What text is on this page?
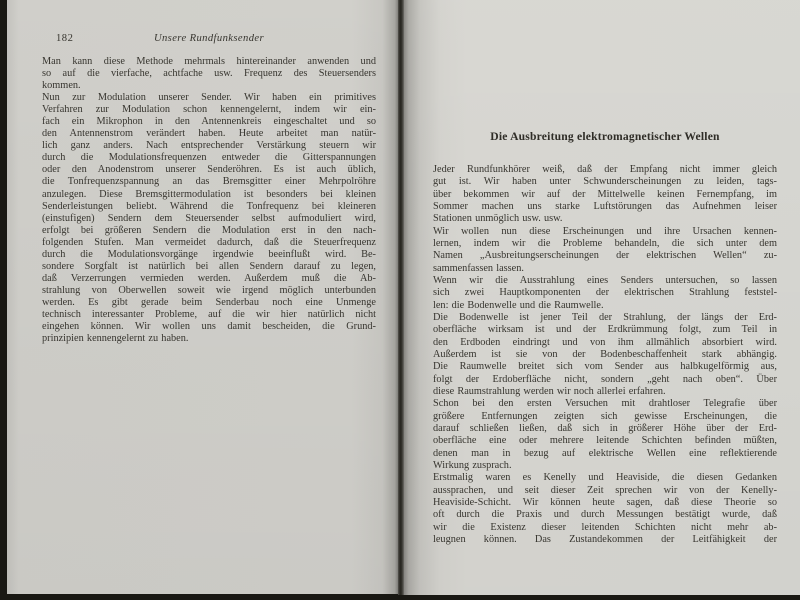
182	Unsere Rundfunksender
Man kann diese Methode mehrmals hintereinander anwenden und
so auf die vierfache, achtfache usw. Frequenz des Steuersenders
kommen.
Nun zur Modulation unserer Sender. Wir haben ein primitives
Verfahren zur Modulation schon kennengelernt, indem wir ein-
fach ein Mikrophon in den Antennenkreis eingeschaltet und so
den Antennenstrom verändert haben. Heute arbeitet man natür-
lich ganz anders. Nach entsprechender Verstärkung steuern wir
durch die Modulationsfrequenzen entweder die Gitterspannungen
oder den Anodenstrom unserer Senderöhren. Es ist auch üblich,
die Tonfrequenzspannung an das Bremsgitter einer Mehrpolröhre
anzulegen. Diese Bremsgittermodulation ist besonders bei kleinen
Senderleistungen beliebt. Während die Tonfrequenz bei kleineren
(einstufigen) Sendern dem Steuersender selbst aufmoduliert wird,
erfolgt bei größeren Sendern die Modulation erst in den nach-
folgenden Stufen. Man vermeidet dadurch, daß die Steuerfrequenz
durch die Modulationsvorgänge irgendwie beeinflußt wird. Be-
sondere Sorgfalt ist natürlich bei allen Sendern darauf zu legen,
daß Verzerrungen vermieden werden. Außerdem muß die Ab-
strahlung von Oberwellen soweit wie irgend möglich unterbunden
werden. Es gibt gerade beim Senderbau noch eine Unmenge
technisch interessanter Probleme, auf die wir hier natürlich nicht
eingehen können. Wir wollen uns damit bescheiden, die Grund-
prinzipien kennengelernt zu haben.
Die Ausbreitung elektromagnetischer Wellen
Jeder Rundfunkhörer weiß, daß der Empfang nicht immer gleich
gut ist. Wir haben unter Schwunderscheinungen zu leiden, tags-
über bekommen wir auf der Mittelwelle keinen Fernempfang, im
Sommer machen uns starke Luftstörungen das Aufnehmen leiser
Stationen unmöglich usw. usw.
Wir wollen nun diese Erscheinungen und ihre Ursachen kennen-
lernen, indem wir die Probleme behandeln, die sich unter dem
Namen „Ausbreitungserscheinungen der elektrischen Wellen“ zu-
sammenfassen lassen.
Wenn wir die Ausstrahlung eines Senders untersuchen, so lassen
sich zwei Hauptkomponenten der elektrischen Strahlung feststel-
len: die Bodenwelle und die Raumwelle.
Die Bodenwelle ist jener Teil der Strahlung, der längs der Erd-
oberfläche wirksam ist und der Erdkrümmung folgt, zum Teil in
den Erdboden eindringt und von ihm allmählich absorbiert wird.
Außerdem ist sie von der Bodenbeschaffenheit stark abhängig.
Die Raumwelle breitet sich vom Sender aus halbkugelförmig aus,
folgt der Erdoberfläche nicht, sondern „geht nach oben“. Über
diese Raumstrahlung werden wir noch allerlei erfahren.
Schon bei den ersten Versuchen mit drahtloser Telegrafie über
größere Entfernungen zeigten sich gewisse Erscheinungen, die
darauf schließen ließen, daß sich in größerer Höhe über der Erd-
oberfläche eine oder mehrere leitende Schichten befinden müßten,
denen man in bezug auf elektrische Wellen eine reflektierende
Wirkung zusprach.
Erstmalig waren es Kenelly und Heaviside, die diesen Gedanken
aussprachen, und seit dieser Zeit sprechen wir von der Kenelly-
Heaviside-Schicht. Wir können heute sagen, daß diese Theorie so
oft durch die Praxis und durch Messungen bestätigt wurde, daß
wir die Existenz dieser leitenden Schichten nicht mehr ab-
leugnen können. Das Zustandekommen der Leitfähigkeit der
